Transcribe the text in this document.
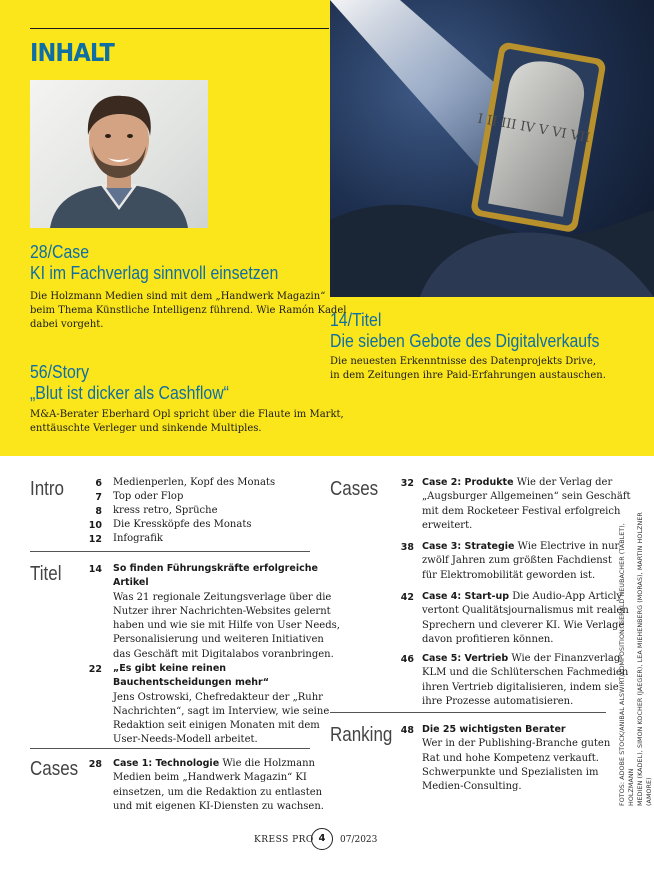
INHALT
I II III IV V VI VII
28/Case
KI im Fachverlag sinnvoll einsetzen
Die Holzmann Medien sind mit dem „Handwerk Magazin“
beim Thema Künstliche Intelligenz führend. Wie Ramón Kadel
dabei vorgeht.	14/Titel
Die sieben Gebote des Digitalverkaufs
Die neuesten Erkenntnisse des Datenprojekts Drive,
in dem Zeitungen ihre Paid-Erfahrungen austauschen.
56/Story
„Blut ist dicker als Cashflow“
M&A-Berater Eberhard Opl spricht über die Flaute im Markt,
enttäuschte Verleger und sinkende Multiples.
Intro	6 Medienperlen, Kopf des Monats
7 Top oder Flop
8 kress retro, Sprüche
10 Die Kressköpfe des Monats
12 Infografik
Titel	14 So finden Führungskräfte erfolgreiche
Artikel
Was 21 regionale Zeitungsverlage über die
Nutzer ihrer Nachrichten-Websites gelernt
haben und wie sie mit Hilfe von User Needs,
Personalisierung und weiteren Initiativen
das Geschäft mit Digitalabos voranbringen.
22 „Es gibt keine reinen
Bauchentscheidungen mehr“
Jens Ostrowski, Chefredakteur der „Ruhr
Nachrichten“, sagt im Interview, wie seine
Redaktion seit einigen Monaten mit dem
User-Needs-Modell arbeitet.
Cases	28 Case 1: Technologie Wie die Holzmann
Medien beim „Handwerk Magazin“ KI
einsetzen, um die Redaktion zu entlasten
und mit eigenen KI-Diensten zu wachsen.
Cases	32 Case 2: Produkte Wie der Verlag der
„Augsburger Allgemeinen“ sein Geschäft
mit dem Rocketeer Festival erfolgreich
erweitert.
38 Case 3: Strategie Wie Electrive in nur
zwölf Jahren zum größten Fachdienst
für Elektromobilität geworden ist.
42 Case 4: Start-up Die Audio-App Articly
vertont Qualitätsjournalismus mit realen
Sprechern und cleverer KI. Wie Verlage
davon profitieren können.
46 Case 5: Vertrieb Wie der Finanzverlag
KLM und die Schlüterschen Fachmedien
ihren Vertrieb digitalisieren, indem sie
ihre Prozesse automatisieren.
Ranking 48 Die 25 wichtigsten Berater
Wer in der Publishing-Branche guten
Rat und hohe Kompetenz verkauft.
Schwerpunkte und Spezialisten im
Medien-Consulting.	FOTOS: ADOBE STOCK/ANIBAL ALSWIRT/KOMPOSITION: GERALD NEUBACHER (TABLET), HOLZMANN MEDIEN (KADEL), SIMON KOCHER (JAEGER), LEA MIEHENBERG (MORAS), MARTIN HOLZNER (AMORE)
KRESS PRO 4	07/2023
